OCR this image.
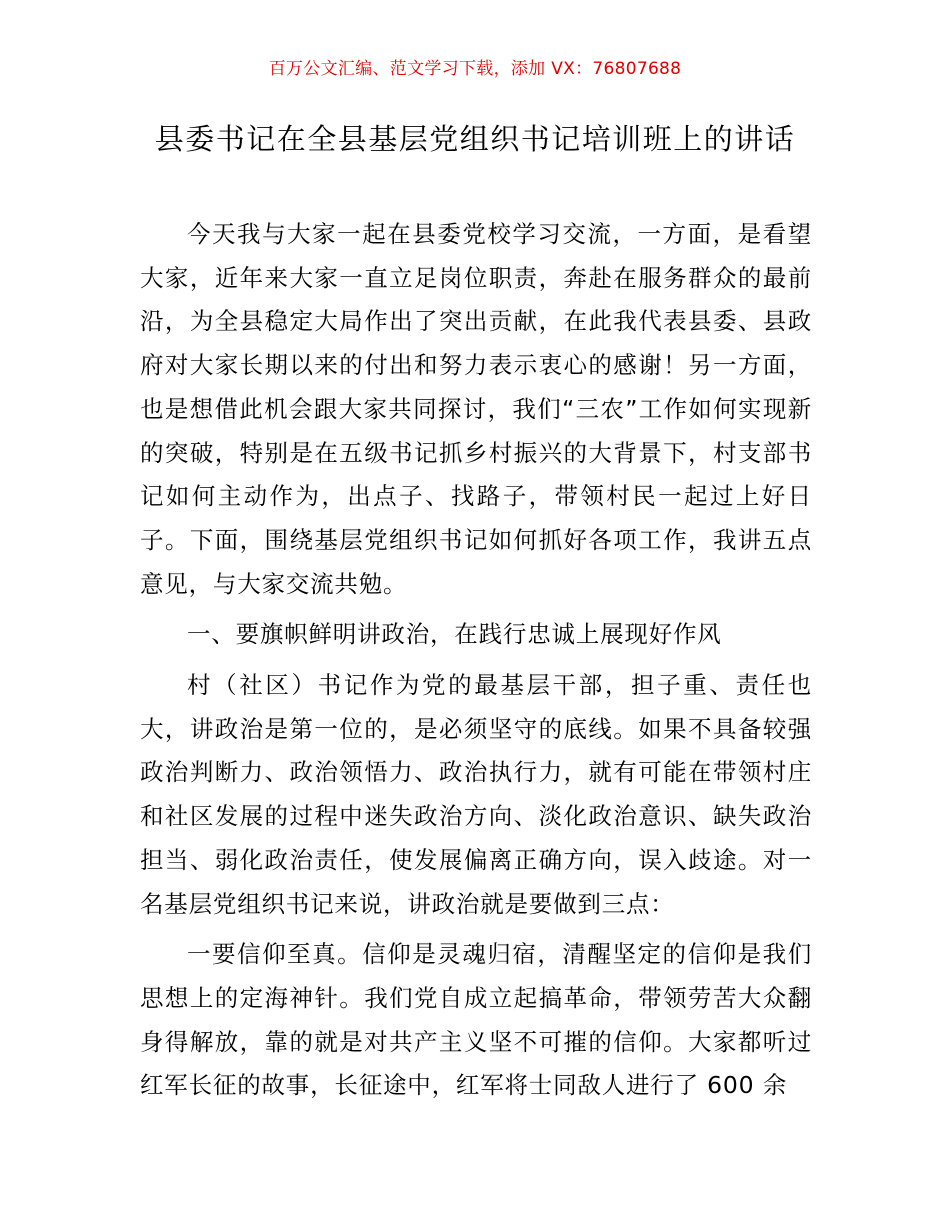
百万公文汇编、范文学习下载，添加 VX：76807688
县委书记在全县基层党组织书记培训班上的讲话

今天我与大家一起在县委党校学习交流，一方面，是看望大家，近年来大家一直立足岗位职责，奔赴在服务群众的最前沿，为全县稳定大局作出了突出贡献，在此我代表县委、县政府对大家长期以来的付出和努力表示衷心的感谢！另一方面，也是想借此机会跟大家共同探讨，我们“三农”工作如何实现新的突破，特别是在五级书记抓乡村振兴的大背景下，村支部书记如何主动作为，出点子、找路子，带领村民一起过上好日子。下面，围绕基层党组织书记如何抓好各项工作，我讲五点意见，与大家交流共勉。

一、要旗帜鲜明讲政治，在践行忠诚上展现好作风

村（社区）书记作为党的最基层干部，担子重、责任也大，讲政治是第一位的，是必须坚守的底线。如果不具备较强政治判断力、政治领悟力、政治执行力，就有可能在带领村庄和社区发展的过程中迷失政治方向、淡化政治意识、缺失政治担当、弱化政治责任，使发展偏离正确方向，误入歧途。对一名基层党组织书记来说，讲政治就是要做到三点：

一要信仰至真。信仰是灵魂归宿，清醒坚定的信仰是我们思想上的定海神针。我们党自成立起搞革命，带领劳苦大众翻身得解放，靠的就是对共产主义坚不可摧的信仰。大家都听过红军长征的故事，长征途中，红军将士同敌人进行了 600 余
